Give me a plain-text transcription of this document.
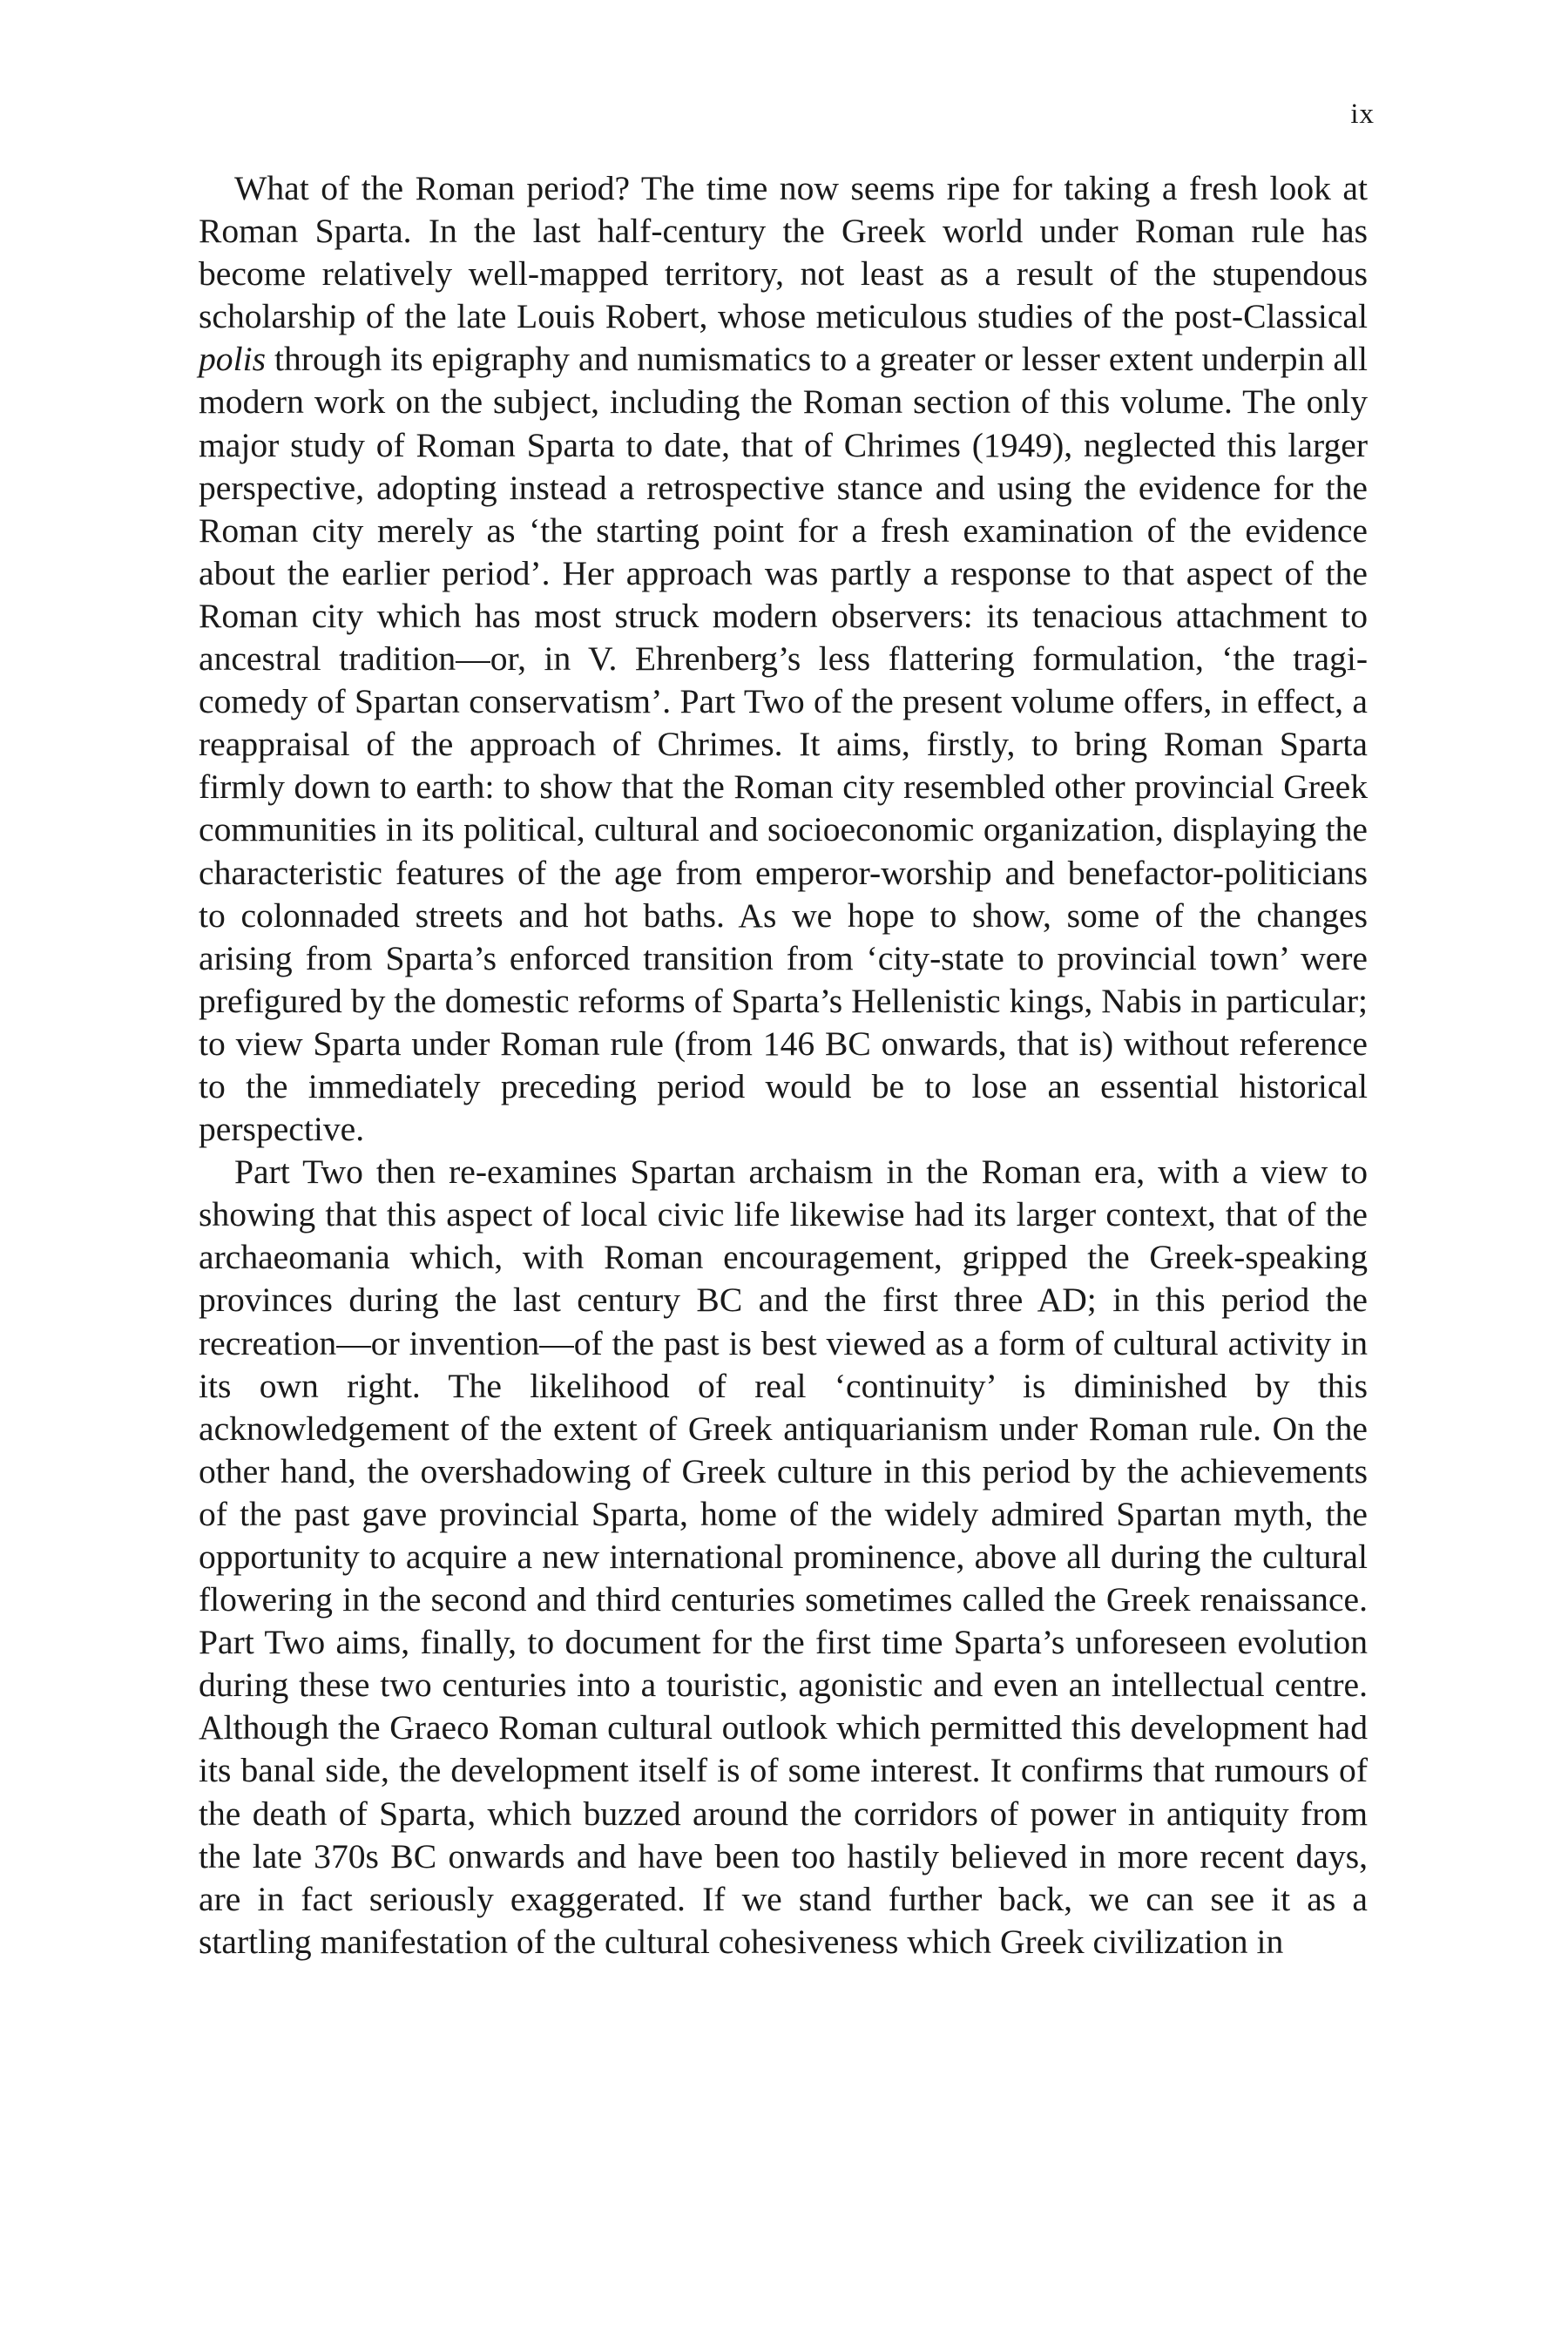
ix

What of the Roman period? The time now seems ripe for taking a fresh look at Roman Sparta. In the last half-century the Greek world under Roman rule has become relatively well-mapped territory, not least as a result of the stupendous scholarship of the late Louis Robert, whose meticulous studies of the post-Classical polis through its epigraphy and numismatics to a greater or lesser extent underpin all modern work on the subject, including the Roman section of this volume. The only major study of Roman Sparta to date, that of Chrimes (1949), neglected this larger perspective, adopting instead a retrospective stance and using the evidence for the Roman city merely as ‘the starting point for a fresh examination of the evidence about the earlier period’. Her approach was partly a response to that aspect of the Roman city which has most struck modern observers: its tenacious attachment to ancestral tradition—or, in V. Ehrenberg’s less flattering formulation, ‘the tragi-comedy of Spartan conservatism’. Part Two of the present volume offers, in effect, a reappraisal of the approach of Chrimes. It aims, firstly, to bring Roman Sparta firmly down to earth: to show that the Roman city resembled other provincial Greek communities in its political, cultural and socioeconomic organization, displaying the characteristic features of the age from emperor-worship and benefactor-politicians to colonnaded streets and hot baths. As we hope to show, some of the changes arising from Sparta’s enforced transition from ‘city-state to provincial town’ were prefigured by the domestic reforms of Sparta’s Hellenistic kings, Nabis in particular; to view Sparta under Roman rule (from 146 BC onwards, that is) without reference to the immediately preceding period would be to lose an essential historical perspective.

Part Two then re-examines Spartan archaism in the Roman era, with a view to showing that this aspect of local civic life likewise had its larger context, that of the archaeomania which, with Roman encouragement, gripped the Greek-speaking provinces during the last century BC and the first three AD; in this period the recreation—or invention—of the past is best viewed as a form of cultural activity in its own right. The likelihood of real ‘continuity’ is diminished by this acknowledgement of the extent of Greek antiquarianism under Roman rule. On the other hand, the overshadowing of Greek culture in this period by the achievements of the past gave provincial Sparta, home of the widely admired Spartan myth, the opportunity to acquire a new international prominence, above all during the cultural flowering in the second and third centuries sometimes called the Greek renaissance. Part Two aims, finally, to document for the first time Sparta’s unforeseen evolution during these two centuries into a touristic, agonistic and even an intellectual centre. Although the Graeco Roman cultural outlook which permitted this development had its banal side, the development itself is of some interest. It confirms that rumours of the death of Sparta, which buzzed around the corridors of power in antiquity from the late 370s BC onwards and have been too hastily believed in more recent days, are in fact seriously exaggerated. If we stand further back, we can see it as a startling manifestation of the cultural cohesiveness which Greek civilization in
